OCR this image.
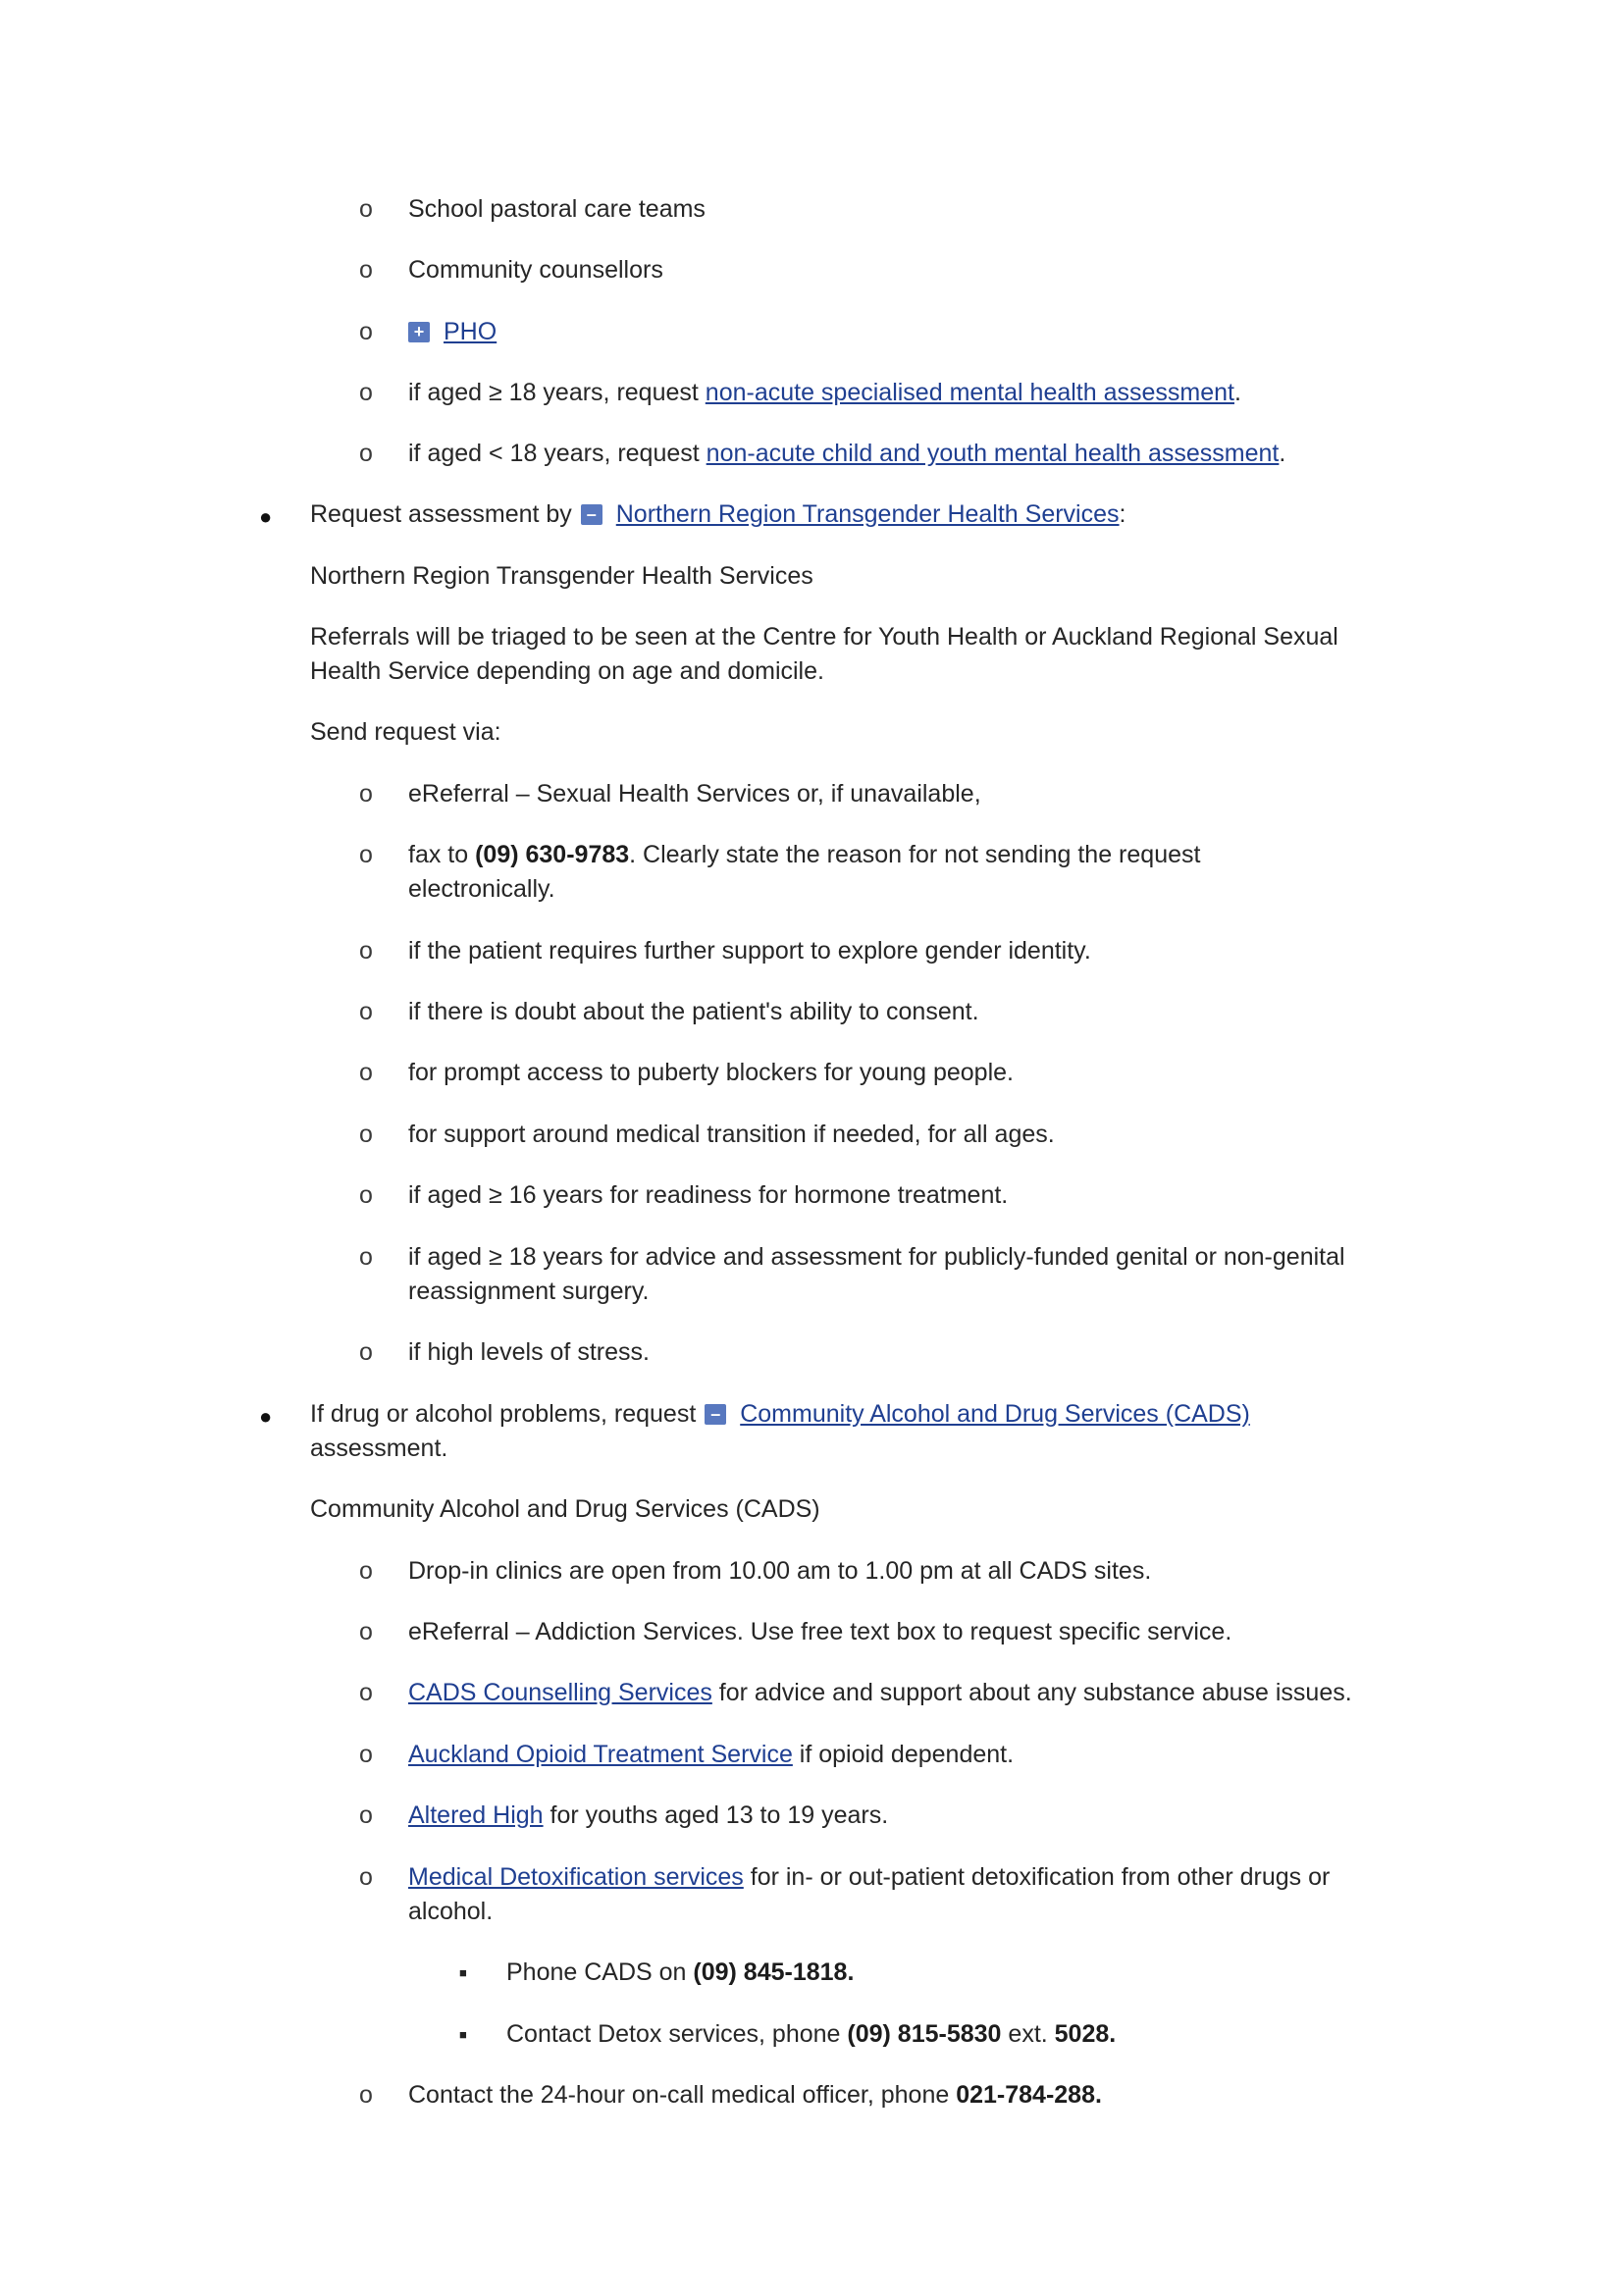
o School pastoral care teams
o Community counsellors
o	+ PHO
o if aged ≥ 18 years, request non-acute specialised mental health assessment.
o if aged < 18 years, request non-acute child and youth mental health assessment.
● Request assessment by – Northern Region Transgender Health Services:
Northern Region Transgender Health Services
Referrals will be triaged to be seen at the Centre for Youth Health or Auckland Regional Sexual
Health Service depending on age and domicile.
Send request via:
o eReferral – Sexual Health Services or, if unavailable,
o fax to (09) 630-9783. Clearly state the reason for not sending the request
electronically.
o if the patient requires further support to explore gender identity.
o if there is doubt about the patient's ability to consent.
o for prompt access to puberty blockers for young people.
o for support around medical transition if needed, for all ages.
o if aged ≥ 16 years for readiness for hormone treatment.
o if aged ≥ 18 years for advice and assessment for publicly-funded genital or non-genital
reassignment surgery.
o if high levels of stress.
● If drug or alcohol problems, request – Community Alcohol and Drug Services (CADS)
assessment.
Community Alcohol and Drug Services (CADS)
o Drop-in clinics are open from 10.00 am to 1.00 pm at all CADS sites.
o eReferral – Addiction Services. Use free text box to request specific service.
o CADS Counselling Services for advice and support about any substance abuse issues.
o Auckland Opioid Treatment Service if opioid dependent.
o Altered High for youths aged 13 to 19 years.
o Medical Detoxification services for in- or out-patient detoxification from other drugs or
alcohol.
■ Phone CADS on (09) 845-1818.
■ Contact Detox services, phone (09) 815-5830 ext. 5028.
o Contact the 24-hour on-call medical officer, phone 021-784-288.
